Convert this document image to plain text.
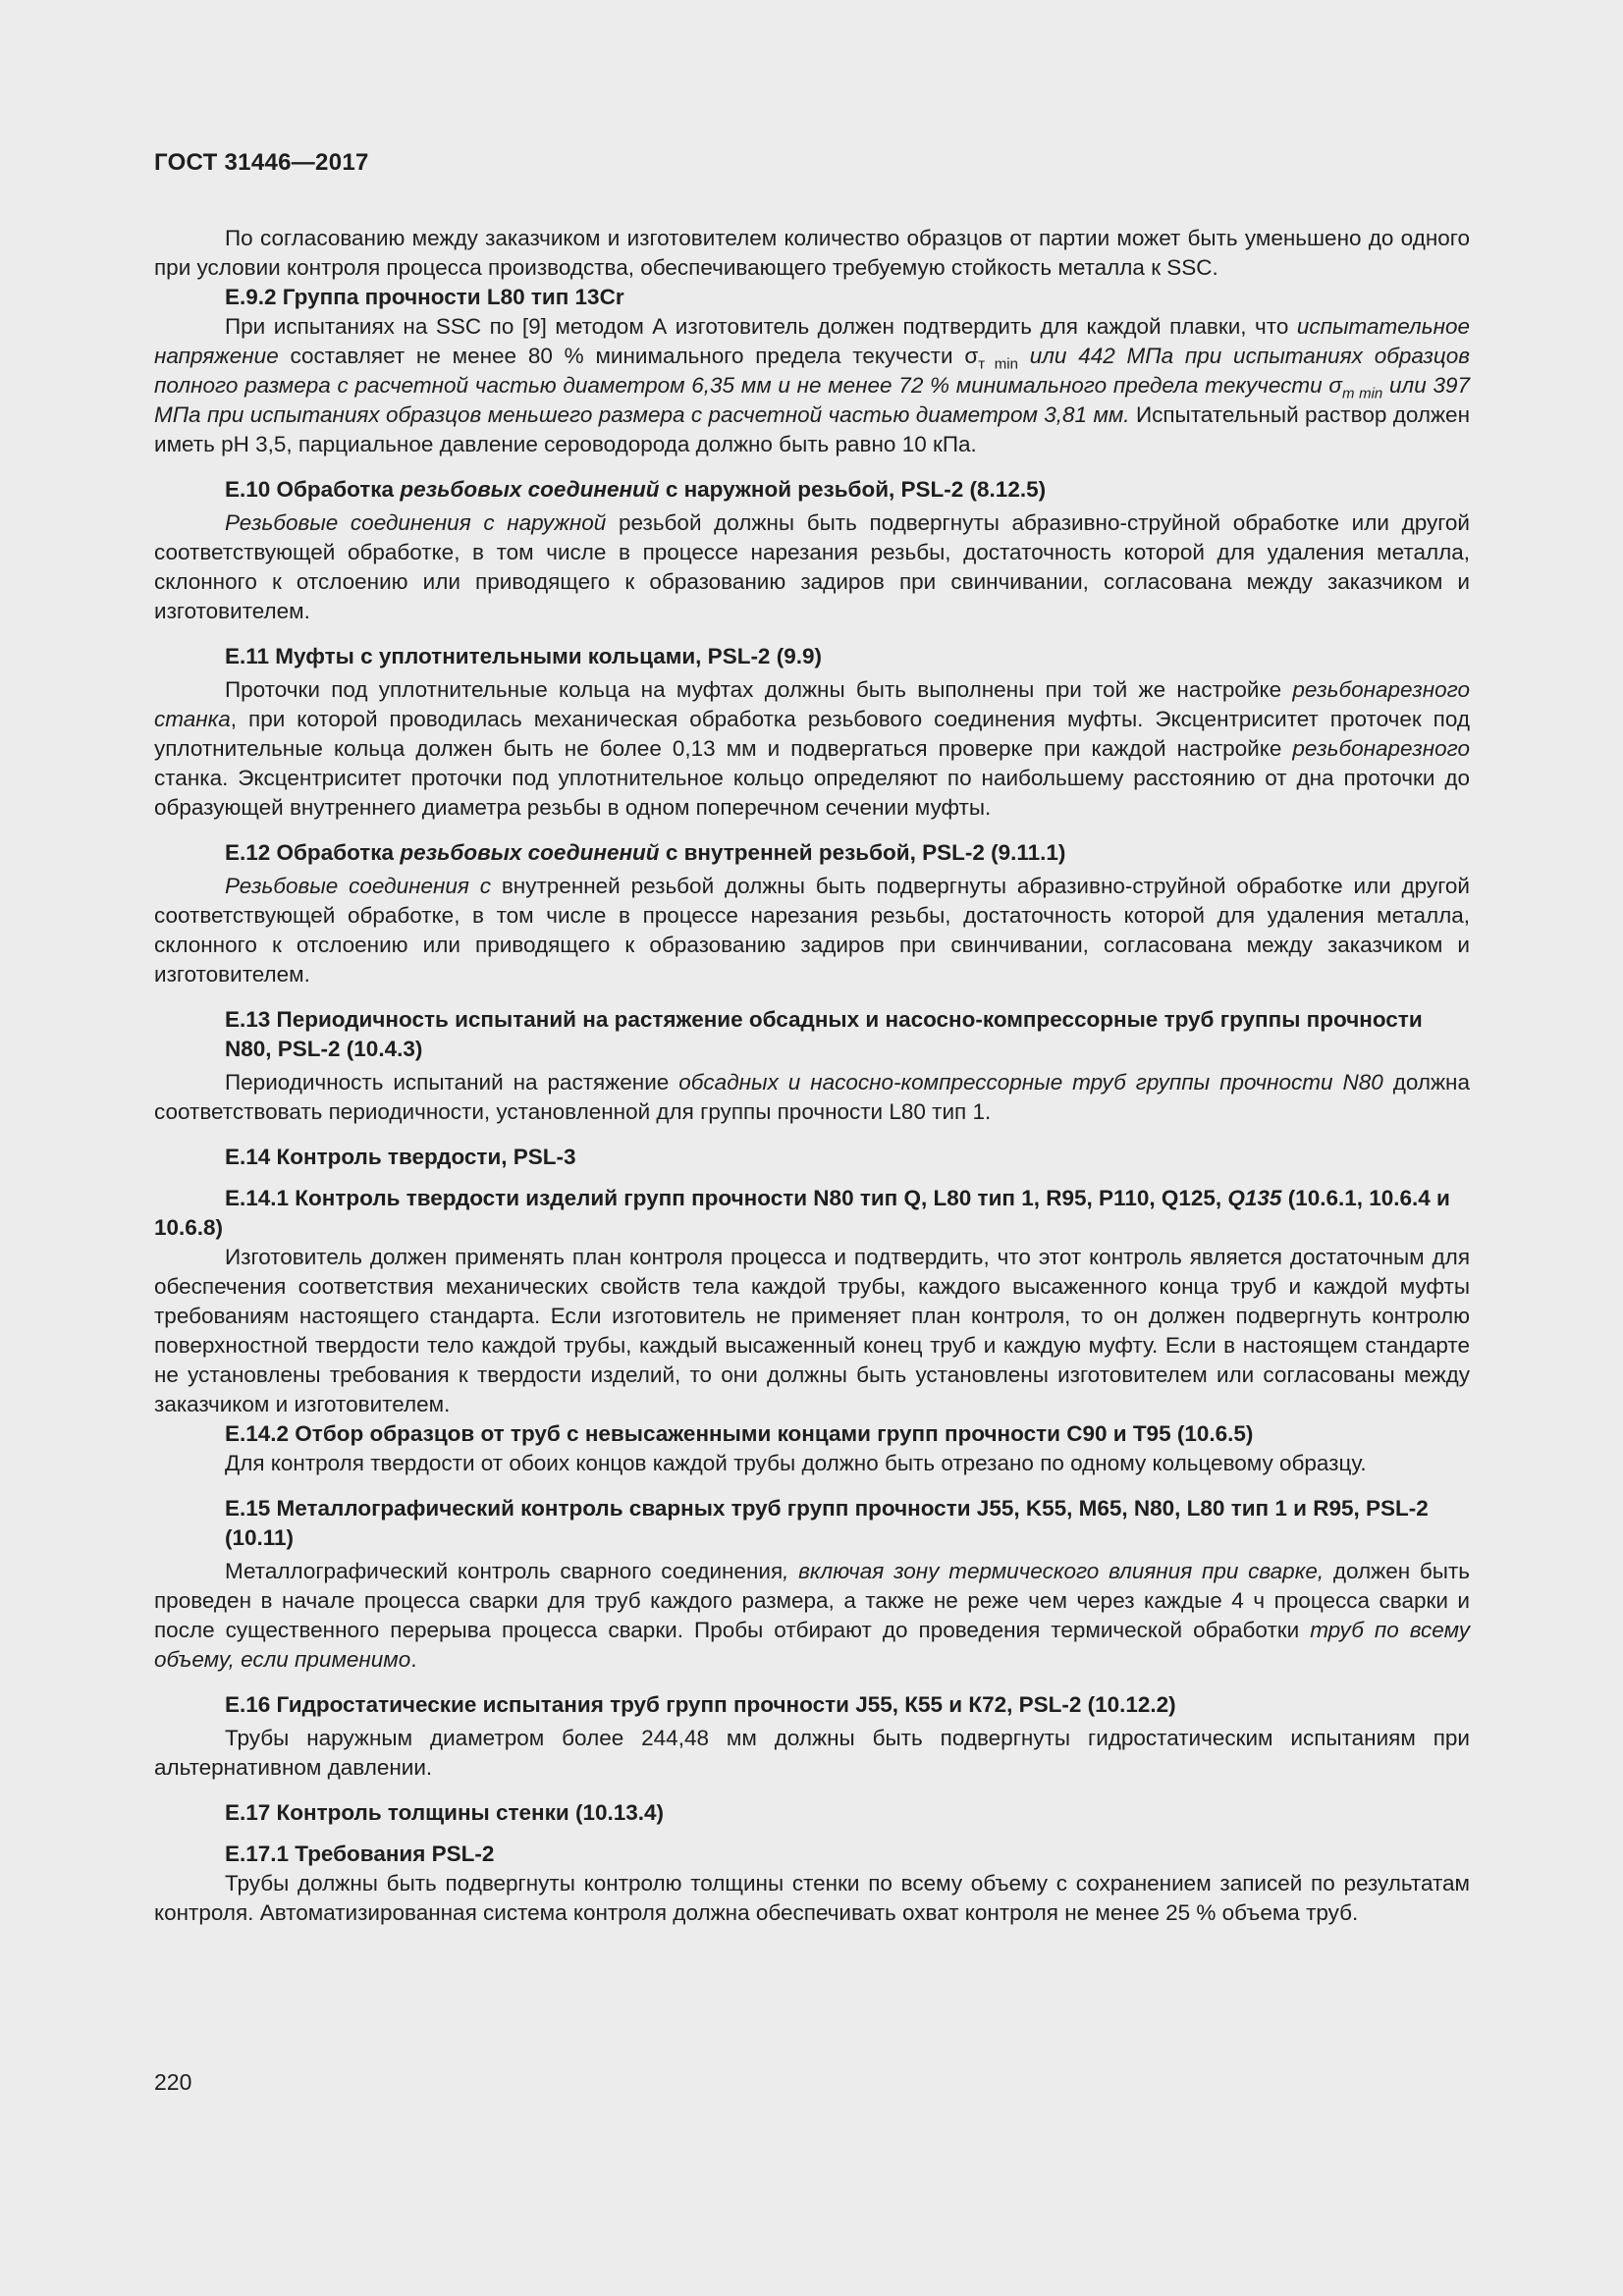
ГОСТ 31446—2017

По согласованию между заказчиком и изготовителем количество образцов от партии может быть уменьшено до одного при условии контроля процесса производства, обеспечивающего требуемую стойкость металла к SSC.

Е.9.2 Группа прочности L80 тип 13Cr

При испытаниях на SSC по [9] методом А изготовитель должен подтвердить для каждой плавки, что испытательное напряжение составляет не менее 80 % минимального предела текучести $\sigma_{т min}$ или 442 МПа при испытаниях образцов полного размера с расчетной частью диаметром 6,35 мм и не менее 72 % минимального предела текучести $\sigma_{т min}$ или 397 МПа при испытаниях образцов меньшего размера с расчетной частью диаметром 3,81 мм. Испытательный раствор должен иметь pH 3,5, парциальное давление сероводорода должно быть равно 10 кПа.

Е.10 Обработка резьбовых соединений с наружной резьбой, PSL-2 (8.12.5)

Резьбовые соединения с наружной резьбой должны быть подвергнуты абразивно-струйной обработке или другой соответствующей обработке, в том числе в процессе нарезания резьбы, достаточность которой для удаления металла, склонного к отслоению или приводящего к образованию задиров при свинчивании, согласована между заказчиком и изготовителем.

Е.11 Муфты с уплотнительными кольцами, PSL-2 (9.9)

Проточки под уплотнительные кольца на муфтах должны быть выполнены при той же настройке резьбонарезного станка, при которой проводилась механическая обработка резьбового соединения муфты. Эксцентриситет проточек под уплотнительные кольца должен быть не более 0,13 мм и подвергаться проверке при каждой настройке резьбонарезного станка. Эксцентриситет проточки под уплотнительное кольцо определяют по наибольшему расстоянию от дна проточки до образующей внутреннего диаметра резьбы в одном поперечном сечении муфты.

Е.12 Обработка резьбовых соединений с внутренней резьбой, PSL-2 (9.11.1)

Резьбовые соединения с внутренней резьбой должны быть подвергнуты абразивно-струйной обработке или другой соответствующей обработке, в том числе в процессе нарезания резьбы, достаточность которой для удаления металла, склонного к отслоению или приводящего к образованию задиров при свинчивании, согласована между заказчиком и изготовителем.

Е.13 Периодичность испытаний на растяжение обсадных и насосно-компрессорные труб группы прочности N80, PSL-2 (10.4.3)

Периодичность испытаний на растяжение обсадных и насосно-компрессорные труб группы прочности N80 должна соответствовать периодичности, установленной для группы прочности L80 тип 1.

Е.14 Контроль твердости, PSL-3

Е.14.1 Контроль твердости изделий групп прочности N80 тип Q, L80 тип 1, R95, P110, Q125, Q135 (10.6.1, 10.6.4 и 10.6.8)

Изготовитель должен применять план контроля процесса и подтвердить, что этот контроль является достаточным для обеспечения соответствия механических свойств тела каждой трубы, каждого высаженного конца труб и каждой муфты требованиям настоящего стандарта. Если изготовитель не применяет план контроля, то он должен подвергнуть контролю поверхностной твердости тело каждой трубы, каждый высаженный конец труб и каждую муфту. Если в настоящем стандарте не установлены требования к твердости изделий, то они должны быть установлены изготовителем или согласованы между заказчиком и изготовителем.

Е.14.2 Отбор образцов от труб с невысаженными концами групп прочности С90 и Т95 (10.6.5)

Для контроля твердости от обоих концов каждой трубы должно быть отрезано по одному кольцевому образцу.

Е.15 Металлографический контроль сварных труб групп прочности J55, K55, M65, N80, L80 тип 1 и R95, PSL-2 (10.11)

Металлографический контроль сварного соединения, включая зону термического влияния при сварке, должен быть проведен в начале процесса сварки для труб каждого размера, а также не реже чем через каждые 4 ч процесса сварки и после существенного перерыва процесса сварки. Пробы отбирают до проведения термической обработки труб по всему объему, если применимо.

Е.16 Гидростатические испытания труб групп прочности J55, К55 и К72, PSL-2 (10.12.2)

Трубы наружным диаметром более 244,48 мм должны быть подвергнуты гидростатическим испытаниям при альтернативном давлении.

Е.17 Контроль толщины стенки (10.13.4)

Е.17.1 Требования PSL-2

Трубы должны быть подвергнуты контролю толщины стенки по всему объему с сохранением записей по результатам контроля. Автоматизированная система контроля должна обеспечивать охват контроля не менее 25 % объема труб.

220
